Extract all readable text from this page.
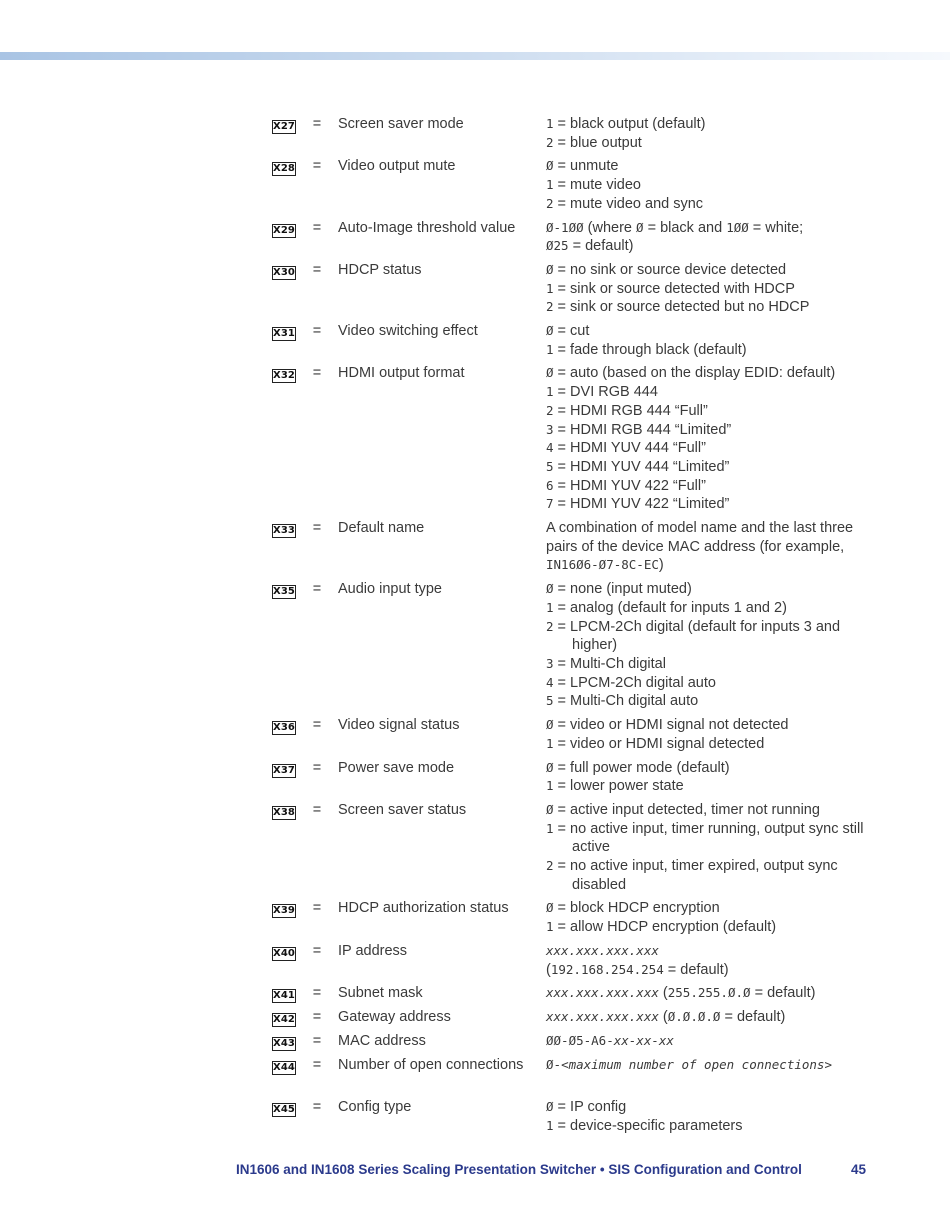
X27	=	Screen saver mode	1 = black output (default)
2 = blue output
X28	=	Video output mute	Ø = unmute
1 = mute video
2 = mute video and sync
X29	=	Auto-Image threshold value	Ø-1ØØ (where Ø = black and 1ØØ = white;
Ø25 = default)
X30	=	HDCP status	Ø = no sink or source device detected
1 = sink or source detected with HDCP
2 = sink or source detected but no HDCP
X31	=	Video switching effect	Ø = cut
1 = fade through black (default)
X32	=	HDMI output format	Ø = auto (based on the display EDID: default)
1 = DVI RGB 444
2 = HDMI RGB 444 “Full”
3 = HDMI RGB 444 “Limited”
4 = HDMI YUV 444 “Full”
5 = HDMI YUV 444 “Limited”
6 = HDMI YUV 422 “Full”
7 = HDMI YUV 422 “Limited”
X33	=	Default name	A combination of model name and the last three
pairs of the device MAC address (for example,
IN16Ø6-Ø7-8C-EC)
X35	=	Audio input type	Ø = none (input muted)
1 = analog (default for inputs 1 and 2)
2 = LPCM-2Ch digital (default for inputs 3 and higher)
3 = Multi-Ch digital
4 = LPCM-2Ch digital auto
5 = Multi-Ch digital auto
X36	=	Video signal status	Ø = video or HDMI signal not detected
1 = video or HDMI signal detected
X37	=	Power save mode	Ø = full power mode (default)
1 = lower power state
X38	=	Screen saver status	Ø = active input detected, timer not running
1 = no active input, timer running, output sync still active
2 = no active input, timer expired, output sync disabled
X39	=	HDCP authorization status	Ø = block HDCP encryption
1 = allow HDCP encryption (default)
X40	=	IP address	xxx.xxx.xxx.xxx
(192.168.254.254 = default)
X41	=	Subnet mask	xxx.xxx.xxx.xxx (255.255.Ø.Ø = default)
X42	=	Gateway address	xxx.xxx.xxx.xxx (Ø.Ø.Ø.Ø = default)
X43	=	MAC address	ØØ-Ø5-A6-xx-xx-xx
X44	=	Number of open connections	Ø-<maximum number of open connections>
X45	=	Config type	Ø = IP config
1 = device-specific parameters
IN1606 and IN1608 Series Scaling Presentation Switcher • SIS Configuration and Control	45
